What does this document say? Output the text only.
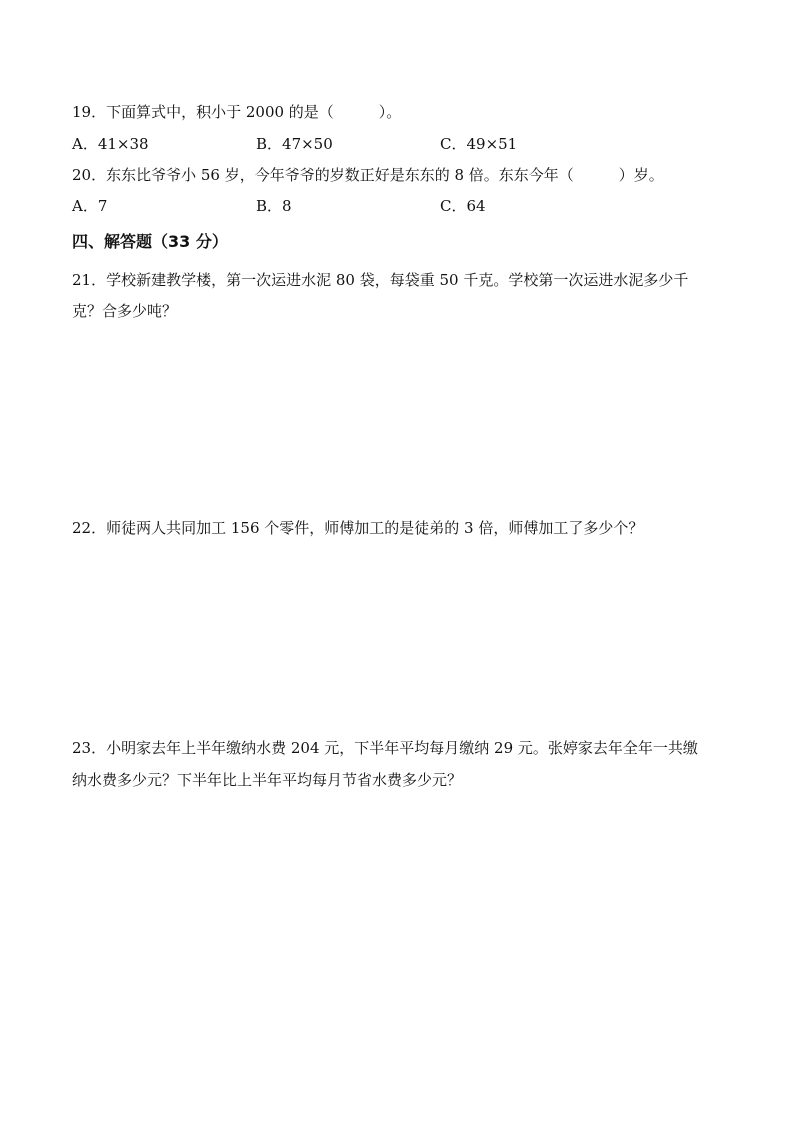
19．下面算式中，积小于 2000 的是（　　　）。
A．41×38	B．47×50	C．49×51
20．东东比爷爷小 56 岁，今年爷爷的岁数正好是东东的 8 倍。东东今年（　　　）岁。
A．7	B．8	C．64
四、解答题（33 分）
21．学校新建教学楼，第一次运进水泥 80 袋，每袋重 50 千克。学校第一次运进水泥多少千
克？合多少吨？
22．师徒两人共同加工 156 个零件，师傅加工的是徒弟的 3 倍，师傅加工了多少个？
23．小明家去年上半年缴纳水费 204 元，下半年平均每月缴纳 29 元。张婷家去年全年一共缴
纳水费多少元？下半年比上半年平均每月节省水费多少元？
